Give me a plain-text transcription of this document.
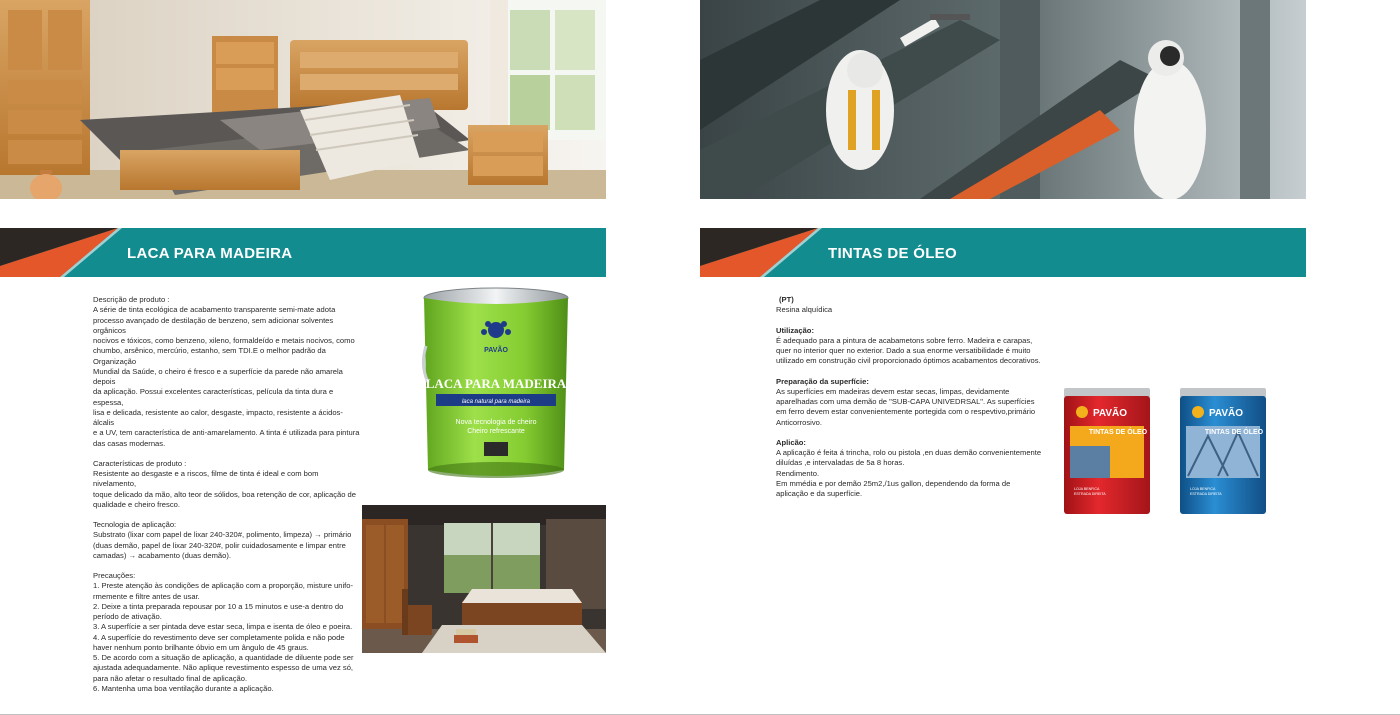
LACA PARA MADEIRA

Descrição de produto :

A série de tinta ecológica de acabamento transparente semi-mate adota
processo avançado de destilação de benzeno, sem adicionar solventes orgânicos
nocivos e tóxicos, como benzeno, xileno, formaldeído e metais nocivos, como
chumbo, arsênico, mercúrio, estanho, sem TDI.E o melhor padrão da Organização
Mundial da Saúde, o cheiro é fresco e a superfície da parede não amarela depois
da aplicação. Possui excelentes características, película da tinta dura e espessa,
lisa e delicada, resistente ao calor, desgaste, impacto, resistente a ácidos-álcalis
e a UV, tem característica de anti-amarelamento. A tinta é utilizada para pintura
das casas modernas.

Características de produto :

Resistente ao desgaste e a riscos, filme de tinta é ideal e com bom nivelamento,
toque delicado da mão, alto teor de sólidos, boa retenção de cor, aplicação de
qualidade e cheiro fresco.

Tecnologia de aplicação:

Substrato (lixar com papel de lixar 240-320#, polimento, limpeza) → primário
(duas demão, papel de lixar 240-320#, polir cuidadosamente e limpar entre
camadas) → acabamento (duas demão).

Precauções:

1. Preste atenção às condições de aplicação com a proporção, misture unifo-
rmemente e filtre antes de usar.
2. Deixe a tinta preparada repousar por 10 a 15 minutos e use-a dentro do
período de ativação.
3. A superfície a ser pintada deve estar seca, limpa e isenta de óleo e poeira.
4. A superfície do revestimento deve ser completamente polida e não pode
haver nenhum ponto brilhante óbvio em um ângulo de 45 graus.
5. De acordo com a situação de aplicação, a quantidade de diluente pode ser
ajustada adequadamente. Não aplique revestimento espesso de uma vez só,
para não afetar o resultado final de aplicação.
6. Mantenha uma boa ventilação durante a aplicação.

PAVÃO
LACA PARA MADEIRA
laca natural para madeira
Nova tecnologia de cheiro
Cheiro refrescante
TINTAS DE ÓLEO

(PT)

Resina alquídica

Utilização:

É adequado para a pintura de acabametons sobre ferro. Madeira e carapas,
quer no interior quer no exterior. Dado a sua enorme versatibilidade é muito
utilizado em construção civil proporcionado óptimos acabamentos decorativos.

Preparação da superfície:

As superfícies em madeiras devem estar secas, limpas, devidamente
aparelhadas com uma demão de "SUB-CAPA UNIVEDRSAL". As superfícies
em ferro devem estar convenientemente portegida com o respevtivo,primário
Anticorrosivo.

Aplicão:

A aplicação é feita á trincha, rolo ou pistola ,en duas demão convenientemente
diluídas ,e intervaladas de 5a 8 horas.
Rendimento.
Em mmédia e por demão 25m2,/1us gallon, dependendo da forma de
aplicação e da superfície.

PAVÃO
TINTAS DE ÓLEO
LOJA BENFICA
ESTRADA DIREITA
PAVÃO
TINTAS DE ÓLEO
LOJA BENFICA
ESTRADA DIREITA
